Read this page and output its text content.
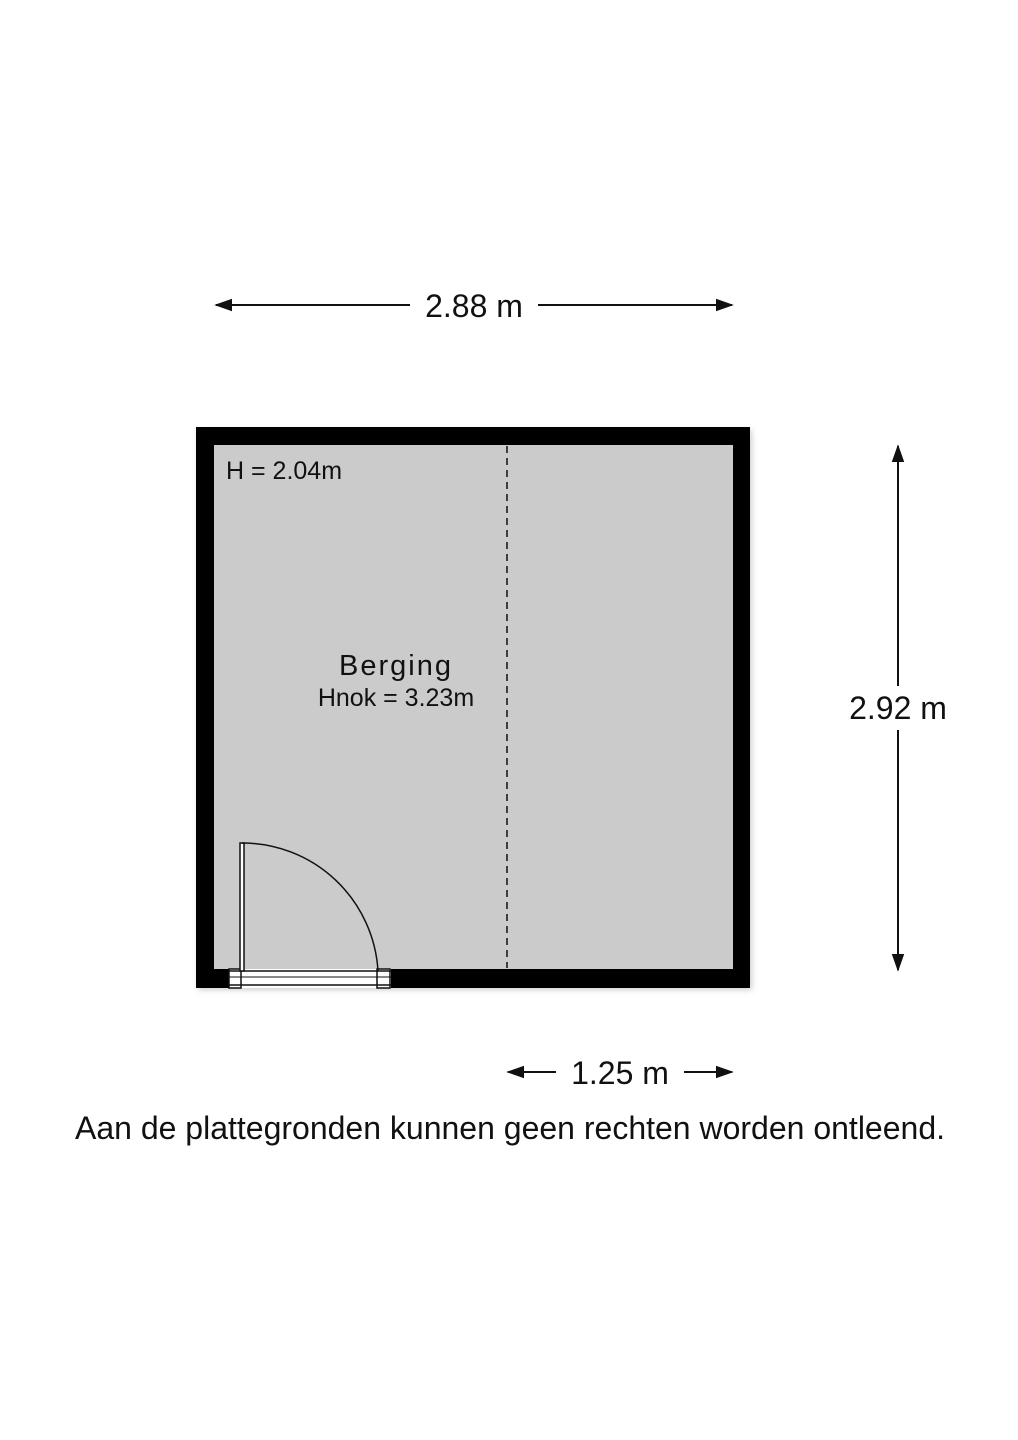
2.88 m
2.92 m
H = 2.04m
Berging
Hnok = 3.23m
1.25 m
Aan de plattegronden kunnen geen rechten worden ontleend.
